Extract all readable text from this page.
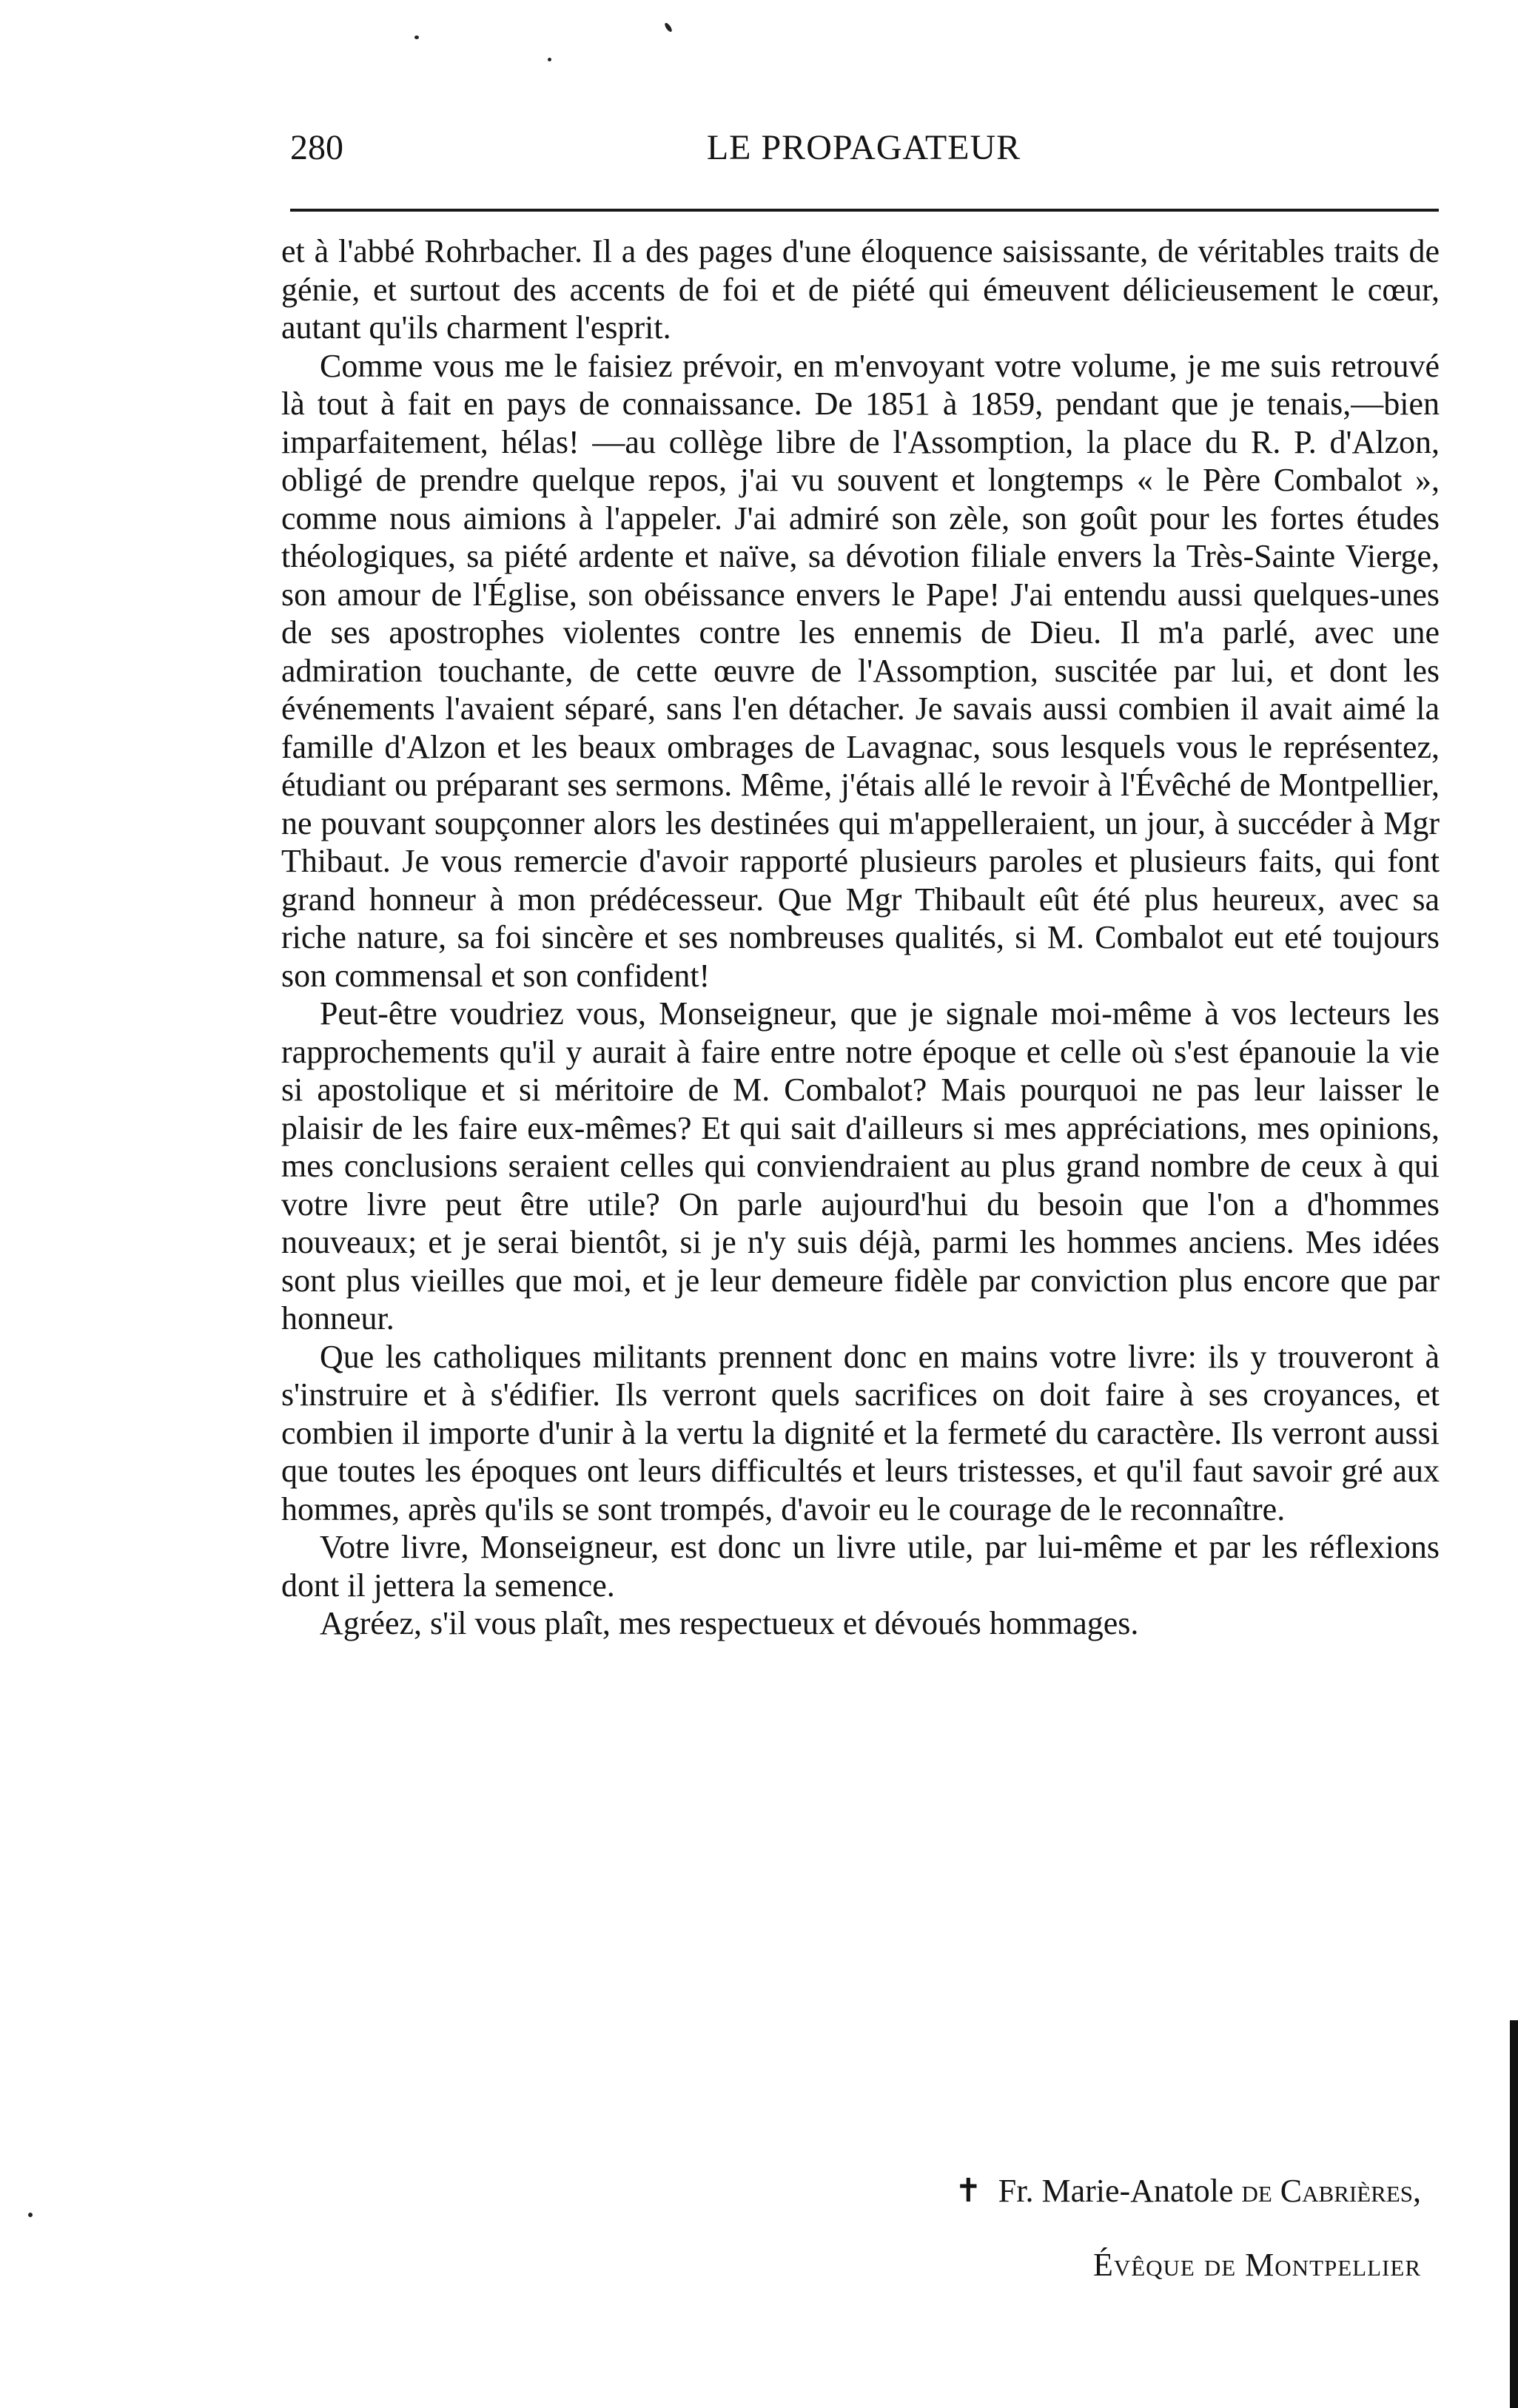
280	LE PROPAGATEUR

et à l'abbé Rohrbacher. Il a des pages d'une éloquence saisissante, de véritables traits de génie, et surtout des accents de foi et de piété qui émeuvent délicieusement le cœur, autant qu'ils charment l'esprit.

Comme vous me le faisiez prévoir, en m'envoyant votre volume, je me suis retrouvé là tout à fait en pays de connaissance. De 1851 à 1859, pendant que je tenais,—bien imparfaitement, hélas! —au collège libre de l'Assomption, la place du R. P. d'Alzon, obligé de prendre quelque repos, j'ai vu souvent et longtemps « le Père Combalot », comme nous aimions à l'appeler. J'ai admiré son zèle, son goût pour les fortes études théologiques, sa piété ardente et naïve, sa dévotion filiale envers la Très-Sainte Vierge, son amour de l'Église, son obéissance envers le Pape! J'ai entendu aussi quelques-unes de ses apostrophes violentes contre les ennemis de Dieu. Il m'a parlé, avec une admiration touchante, de cette œuvre de l'Assomption, suscitée par lui, et dont les événements l'avaient séparé, sans l'en détacher. Je savais aussi combien il avait aimé la famille d'Alzon et les beaux ombrages de Lavagnac, sous lesquels vous le représentez, étudiant ou préparant ses sermons. Même, j'étais allé le revoir à l'Évêché de Montpellier, ne pouvant soupçonner alors les destinées qui m'appelleraient, un jour, à succéder à Mgr Thibaut. Je vous remercie d'avoir rapporté plusieurs paroles et plusieurs faits, qui font grand honneur à mon prédécesseur. Que Mgr Thibault eût été plus heureux, avec sa riche nature, sa foi sincère et ses nombreuses qualités, si M. Combalot eut eté toujours son commensal et son confident!

Peut-être voudriez vous, Monseigneur, que je signale moi-même à vos lecteurs les rapprochements qu'il y aurait à faire entre notre époque et celle où s'est épanouie la vie si apostolique et si méritoire de M. Combalot? Mais pourquoi ne pas leur laisser le plaisir de les faire eux-mêmes? Et qui sait d'ailleurs si mes appréciations, mes opinions, mes conclusions seraient celles qui conviendraient au plus grand nombre de ceux à qui votre livre peut être utile? On parle aujourd'hui du besoin que l'on a d'hommes nouveaux; et je serai bientôt, si je n'y suis déjà, parmi les hommes anciens. Mes idées sont plus vieilles que moi, et je leur demeure fidèle par conviction plus encore que par honneur.

Que les catholiques militants prennent donc en mains votre livre: ils y trouveront à s'instruire et à s'édifier. Ils verront quels sacrifices on doit faire à ses croyances, et combien il importe d'unir à la vertu la dignité et la fermeté du caractère. Ils verront aussi que toutes les époques ont leurs difficultés et leurs tristesses, et qu'il faut savoir gré aux hommes, après qu'ils se sont trompés, d'avoir eu le courage de le reconnaître.

Votre livre, Monseigneur, est donc un livre utile, par lui-même et par les réflexions dont il jettera la semence.

Agréez, s'il vous plaît, mes respectueux et dévoués hommages.

✝ Fr. Marie-Anatole de Cabrières,
Évêque de Montpellier
